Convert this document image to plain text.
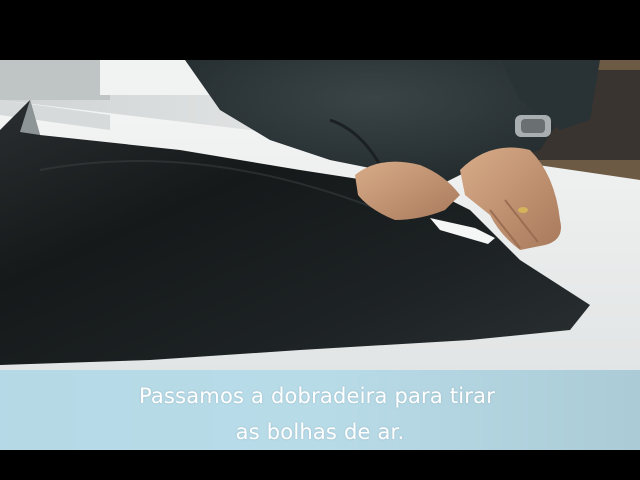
Passamos a dobradeira para tirar
as bolhas de ar.
